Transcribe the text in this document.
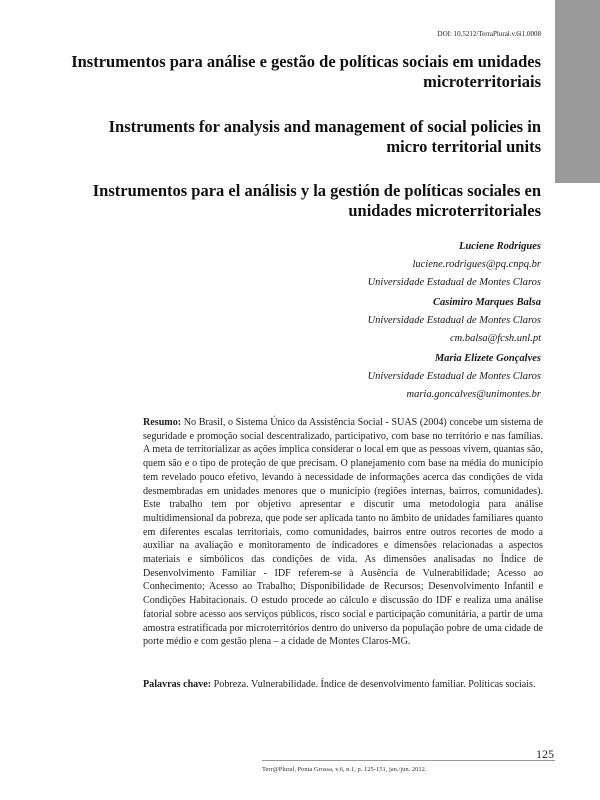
DOI: 10.5212/TerraPlural.v.6i1.0008
Instrumentos para análise e gestão de políticas sociais em unidades microterritoriais
Instruments for analysis and management of social policies in micro territorial units
Instrumentos para el análisis y la gestión de políticas sociales en unidades microterritoriales
Luciene Rodrigues
luciene.rodrigues@pq.cnpq.br
Universidade Estadual de Montes Claros
Casimiro Marques Balsa
Universidade Estadual de Montes Claros
cm.balsa@fcsh.unl.pt
Maria Elizete Gonçalves
Universidade Estadual de Montes Claros
maria.goncalves@unimontes.br
Resumo: No Brasil, o Sistema Único da Assistência Social - SUAS (2004) concebe um sistema de seguridade e promoção social descentralizado, participativo, com base no território e nas famílias. A meta de territorializar as ações implica considerar o local em que as pessoas vivem, quantas são, quem são e o tipo de proteção de que precisam. O planejamento com base na média do município tem revelado pouco efetivo, levando à necessidade de informações acerca das condições de vida desmembradas em unidades menores que o município (regiões internas, bairros, comunidades). Este trabalho tem por objetivo apresentar e discutir uma metodologia para análise multidimensional da pobreza, que pode ser aplicada tanto no âmbito de unidades familiares quanto em diferentes escalas territoriais, como comunidades, bairros entre outros recortes de modo a auxiliar na avaliação e monitoramento de indicadores e dimensões relacionadas a aspectos materiais e simbólicos das condições de vida. As dimensões analisadas no Índice de Desenvolvimento Familiar - IDF referem-se à Ausência de Vulnerabilidade; Acesso ao Conhecimento; Acesso ao Trabalho; Disponibilidade de Recursos; Desenvolvimento Infantil e Condições Habitacionais. O estudo procede ao cálculo e discussão do IDF e realiza uma análise fatorial sobre acesso aos serviços públicos, risco social e participação comunitária, a partir de uma amostra estratificada por microterritórios dentro do universo da população pobre de uma cidade de porte médio e com gestão plena – a cidade de Montes Claros-MG.
Palavras chave: Pobreza. Vulnerabilidade. Índice de desenvolvimento familiar. Políticas sociais.
Terr@Plural, Ponta Grossa, v.6, n.1, p. 125-151, jan./jun. 2012.
125
